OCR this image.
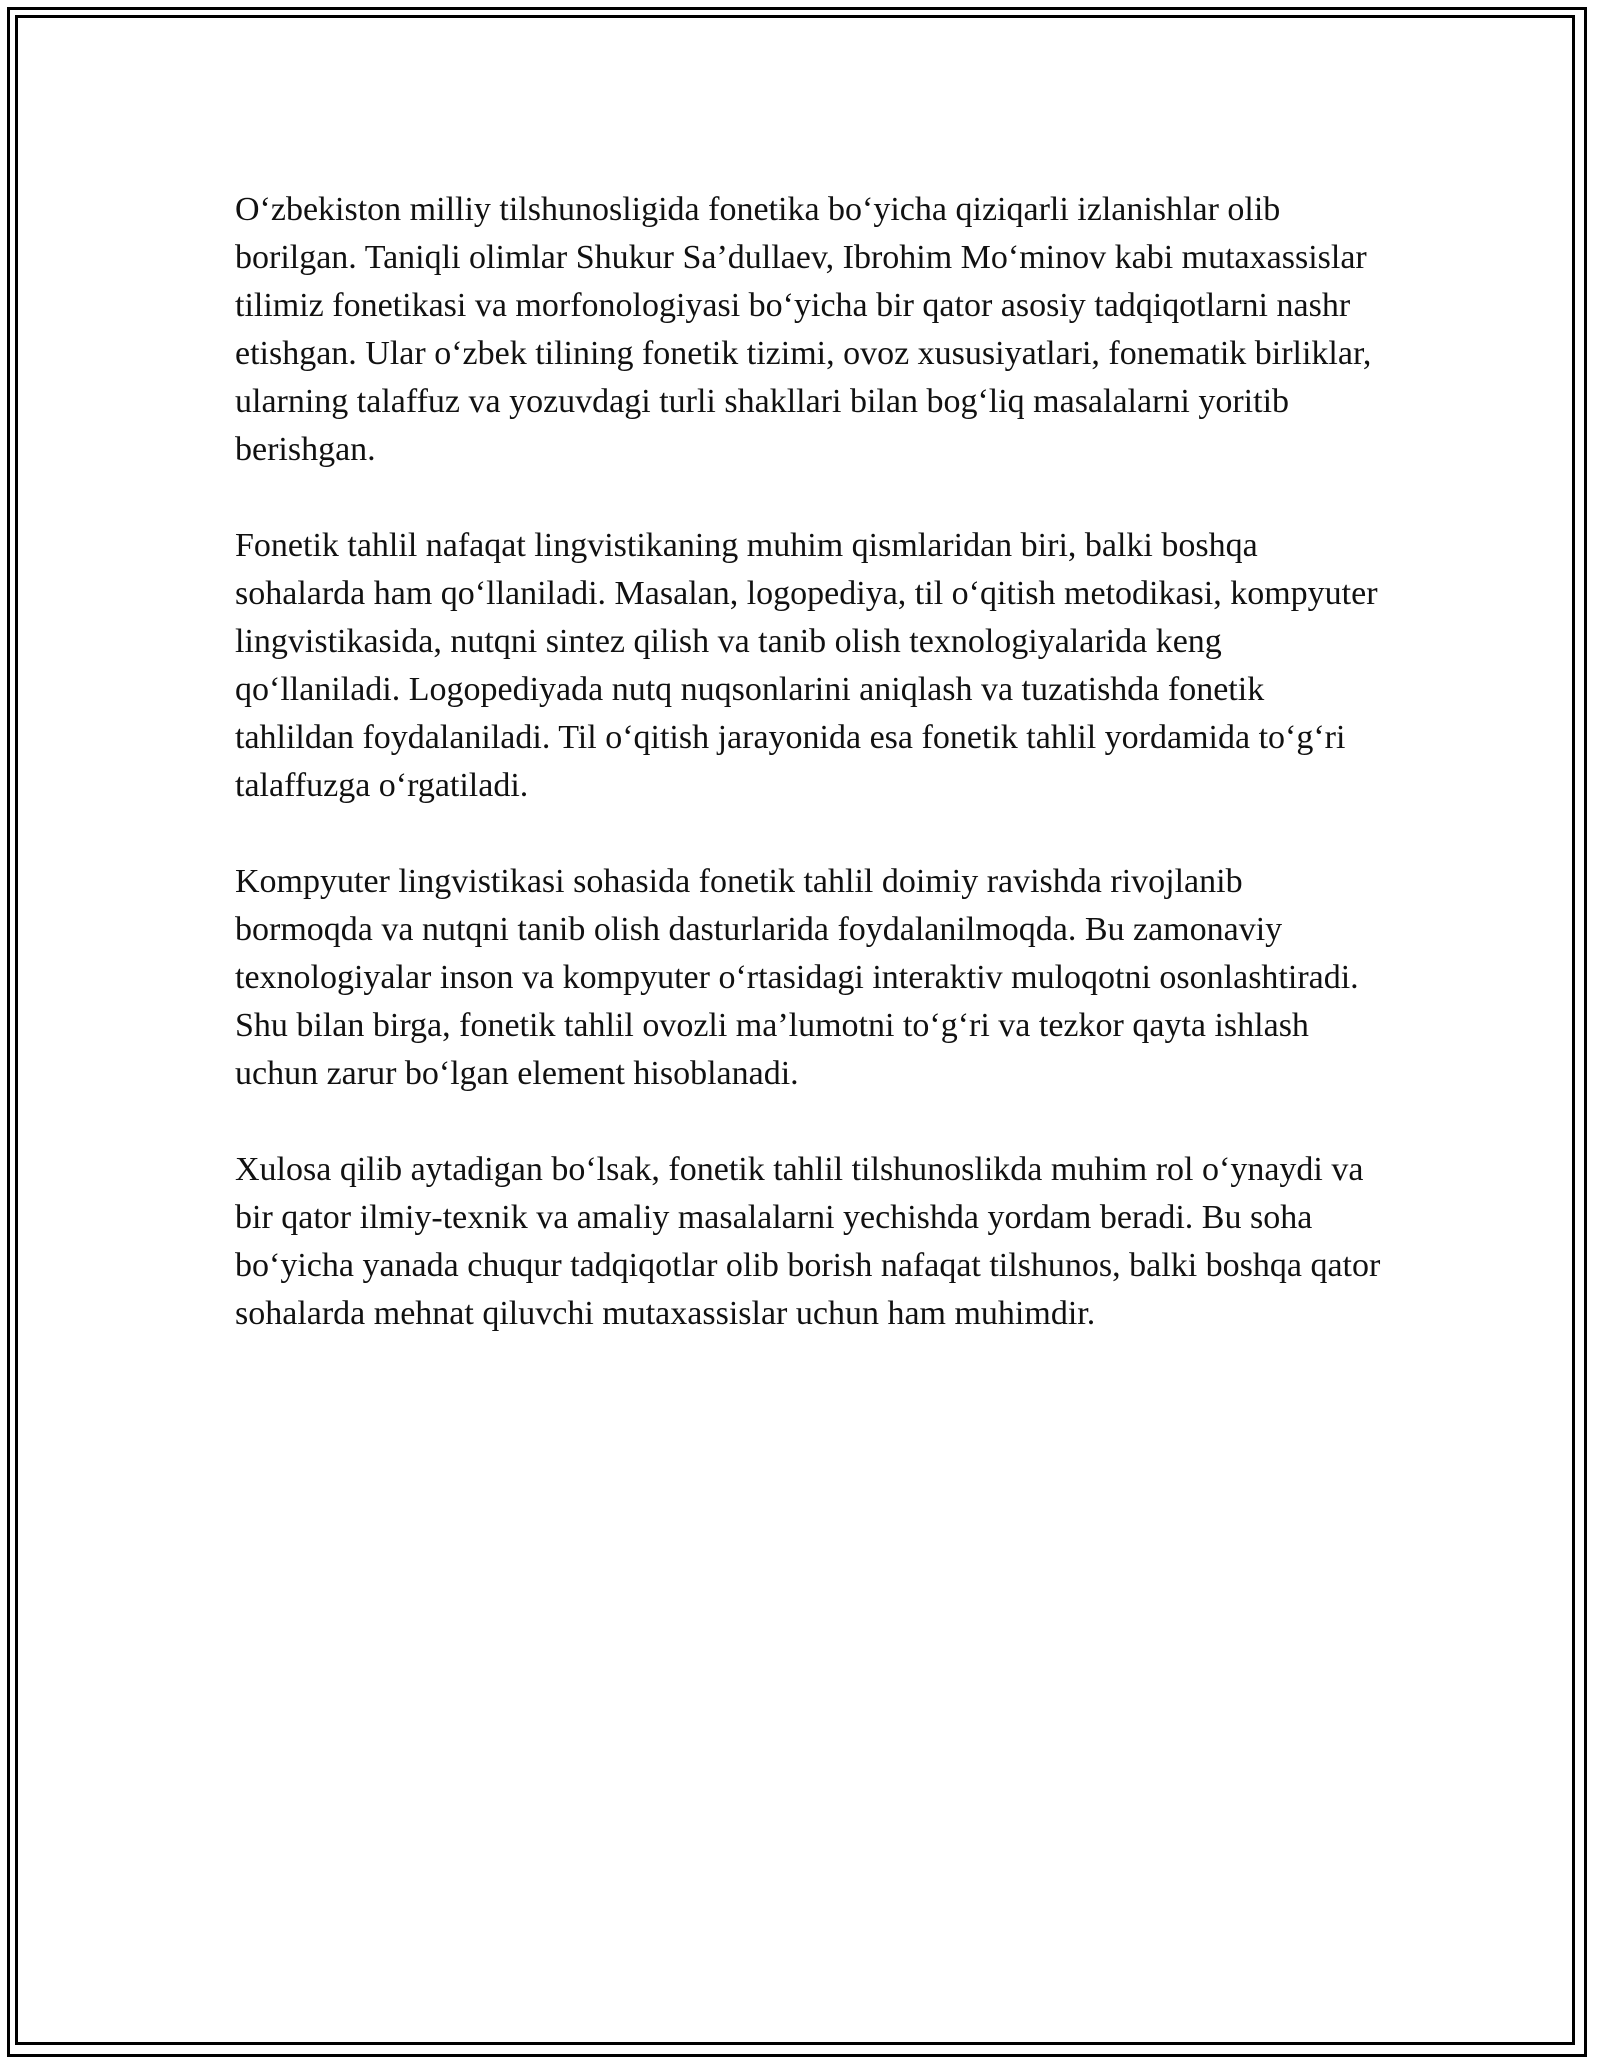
O‘zbekiston milliy tilshunosligida fonetika bo‘yicha qiziqarli izlanishlar olib borilgan. Taniqli olimlar Shukur Sa’dullaev, Ibrohim Mo‘minov kabi mutaxassislar tilimiz fonetikasi va morfonologiyasi bo‘yicha bir qator asosiy tadqiqotlarni nashr etishgan. Ular o‘zbek tilining fonetik tizimi, ovoz xususiyatlari, fonematik birliklar, ularning talaffuz va yozuvdagi turli shakllari bilan bog‘liq masalalarni yoritib berishgan.

Fonetik tahlil nafaqat lingvistikaning muhim qismlaridan biri, balki boshqa sohalarda ham qo‘llaniladi. Masalan, logopediya, til o‘qitish metodikasi, kompyuter lingvistikasida, nutqni sintez qilish va tanib olish texnologiyalarida keng qo‘llaniladi. Logopediyada nutq nuqsonlarini aniqlash va tuzatishda fonetik tahlildan foydalaniladi. Til o‘qitish jarayonida esa fonetik tahlil yordamida to‘g‘ri talaffuzga o‘rgatiladi.

Kompyuter lingvistikasi sohasida fonetik tahlil doimiy ravishda rivojlanib bormoqda va nutqni tanib olish dasturlarida foydalanilmoqda. Bu zamonaviy texnologiyalar inson va kompyuter o‘rtasidagi interaktiv muloqotni osonlashtiradi. Shu bilan birga, fonetik tahlil ovozli ma’lumotni to‘g‘ri va tezkor qayta ishlash uchun zarur bo‘lgan element hisoblanadi.

Xulosa qilib aytadigan bo‘lsak, fonetik tahlil tilshunoslikda muhim rol o‘ynaydi va bir qator ilmiy-texnik va amaliy masalalarni yechishda yordam beradi. Bu soha bo‘yicha yanada chuqur tadqiqotlar olib borish nafaqat tilshunos, balki boshqa qator sohalarda mehnat qiluvchi mutaxassislar uchun ham muhimdir.
